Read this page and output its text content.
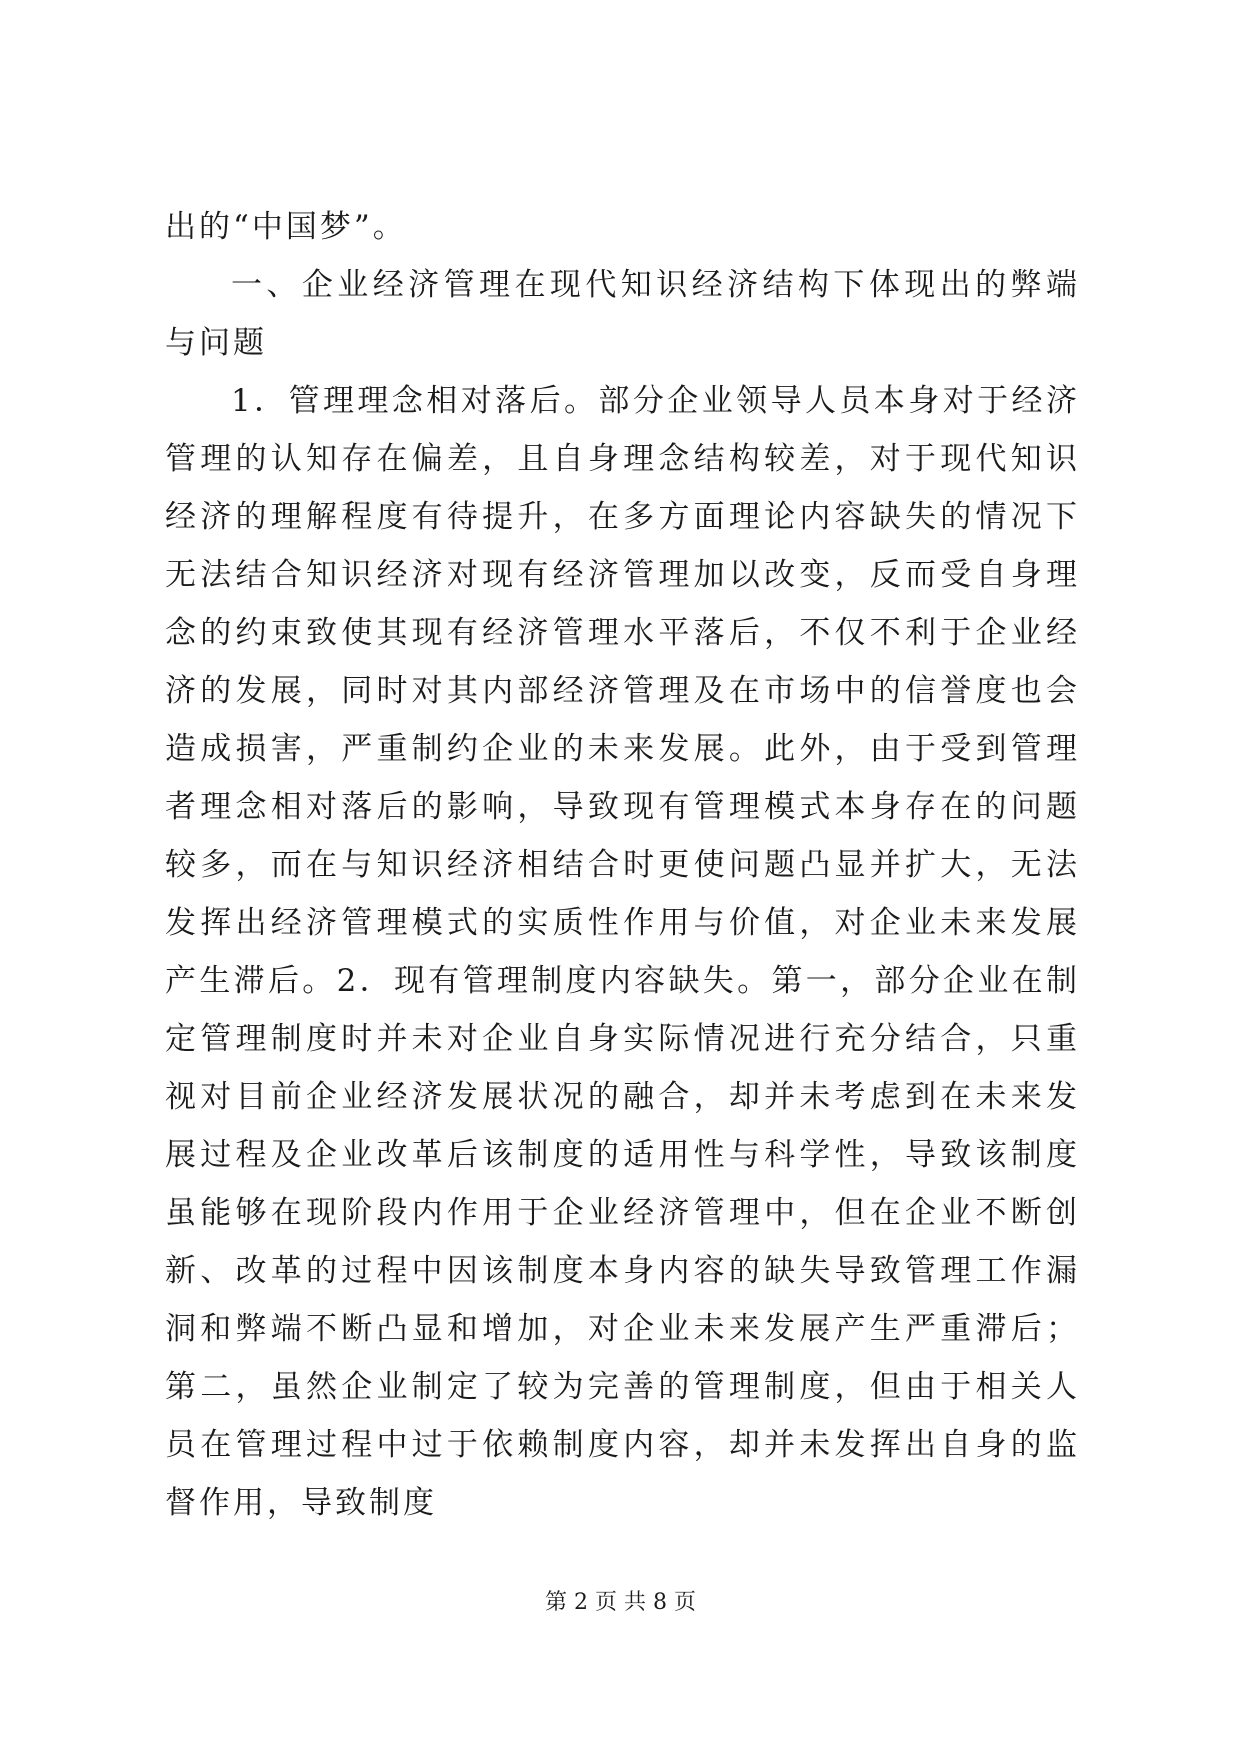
出的“中国梦”。

一、企业经济管理在现代知识经济结构下体现出的弊端与问题

1．管理理念相对落后。部分企业领导人员本身对于经济管理的认知存在偏差，且自身理念结构较差，对于现代知识经济的理解程度有待提升，在多方面理论内容缺失的情况下无法结合知识经济对现有经济管理加以改变，反而受自身理念的约束致使其现有经济管理水平落后，不仅不利于企业经济的发展，同时对其内部经济管理及在市场中的信誉度也会造成损害，严重制约企业的未来发展。此外，由于受到管理者理念相对落后的影响，导致现有管理模式本身存在的问题较多，而在与知识经济相结合时更使问题凸显并扩大，无法发挥出经济管理模式的实质性作用与价值，对企业未来发展产生滞后。2．现有管理制度内容缺失。第一，部分企业在制定管理制度时并未对企业自身实际情况进行充分结合，只重视对目前企业经济发展状况的融合，却并未考虑到在未来发展过程及企业改革后该制度的适用性与科学性，导致该制度虽能够在现阶段内作用于企业经济管理中，但在企业不断创新、改革的过程中因该制度本身内容的缺失导致管理工作漏洞和弊端不断凸显和增加，对企业未来发展产生严重滞后；第二，虽然企业制定了较为完善的管理制度，但由于相关人员在管理过程中过于依赖制度内容，却并未发挥出自身的监督作用，导致制度

第 2 页 共 8 页
